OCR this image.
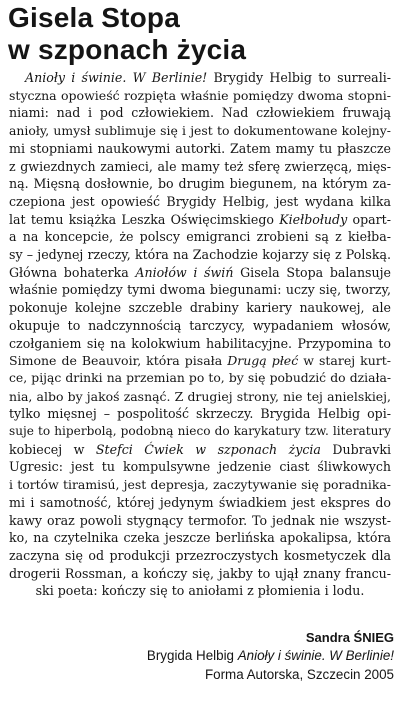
Gisela Stopa
w szponach życia
Anioły i świnie. W Berlinie! Brygidy Helbig to surreali-
styczna opowieść rozpięta właśnie pomiędzy dwoma stopni-
niami: nad i pod człowiekiem. Nad człowiekiem fruwają
anioły, umysł sublimuje się i jest to dokumentowane kolejny-
mi stopniami naukowymi autorki. Zatem mamy tu płaszcze
z gwiezdnych zamieci, ale mamy też sferę zwierzęcą, mięs-
ną. Mięsną dosłownie, bo drugim biegunem, na którym za-
czepiona jest opowieść Brygidy Helbig, jest wydana kilka
lat temu książka Leszka Oświęcimskiego Kiełbołudy opart-
a na koncepcie, że polscy emigranci zrobieni są z kiełba-
sy – jedynej rzeczy, która na Zachodzie kojarzy się z Polską.
Główna bohaterka Aniołów i świń Gisela Stopa balansuje
właśnie pomiędzy tymi dwoma biegunami: uczy się, tworzy,
pokonuje kolejne szczeble drabiny kariery naukowej, ale
okupuje to nadczynnością tarczycy, wypadaniem włosów,
czołganiem się na kolokwium habilitacyjne. Przypomina to
Simone de Beauvoir, która pisała Drugą płeć w starej kurt-
ce, pijąc drinki na przemian po to, by się pobudzić do działa-
nia, albo by jakoś zasnąć. Z drugiej strony, nie tej anielskiej,
tylko mięsnej – pospolitość skrzeczy. Brygida Helbig opi-
suje to hiperbolą, podobną nieco do karykatury tzw. literatury
kobiecej w Stefci Ćwiek w szponach życia Dubravki
Ugresic: jest tu kompulsywne jedzenie ciast śliwkowych
i tortów tiramisú, jest depresja, zaczytywanie się poradnika-
mi i samotność, której jedynym świadkiem jest ekspres do
kawy oraz powoli stygnący termofor. To jednak nie wszyst-
ko, na czytelnika czeka jeszcze berlińska apokalipsa, która
zaczyna się od produkcji przezroczystych kosmetyczek dla
drogerii Rossman, a kończy się, jakby to ujął znany francu-
ski poeta: kończy się to aniołami z płomienia i lodu.
Sandra ŚNIEG
Brygida Helbig Anioły i świnie. W Berlinie!
Forma Autorska, Szczecin 2005
